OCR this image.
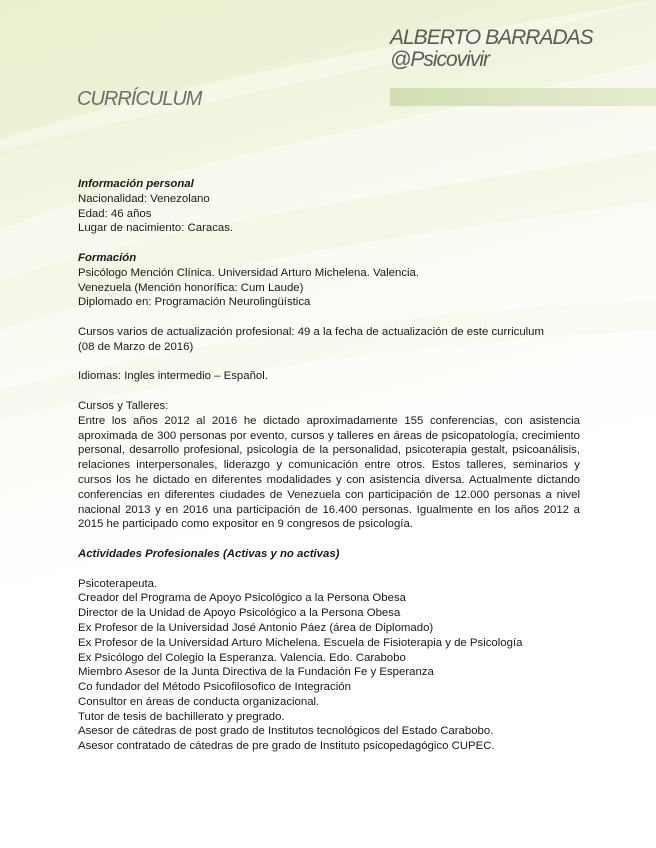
ALBERTO BARRADAS
@Psicovivir
CURRÍCULUM

Información personal

Nacionalidad: Venezolano

Edad: 46 años

Lugar de nacimiento: Caracas.

Formación

Psicólogo Mención Clínica. Universidad Arturo Michelena. Valencia.

Venezuela (Mención honorífica: Cum Laude)

Diplomado en: Programación Neurolingüística

Cursos varios de actualización profesional: 49 a la fecha de actualización de este curriculum

(08 de Marzo de 2016)

Idiomas: Ingles intermedio – Español.

Cursos y Talleres:

Entre los años 2012 al 2016 he dictado aproximadamente 155 conferencias, con asistencia aproximada de 300 personas por evento, cursos y talleres en áreas de psicopatología, crecimiento personal, desarrollo profesional, psicología de la personalidad, psicoterapia gestalt, psicoanálisis, relaciones interpersonales, liderazgo y comunicación entre otros. Estos talleres, seminarios y cursos los he dictado en diferentes modalidades y con asistencia diversa. Actualmente dictando conferencias en diferentes ciudades de Venezuela con participación de 12.000 personas a nivel nacional 2013 y en 2016 una participación de 16.400 personas. Igualmente en los años 2012 a 2015 he participado como expositor en 9 congresos de psicología.

Actividades Profesionales (Activas y no activas)

Psicoterapeuta.
Creador del Programa de Apoyo Psicológico a la Persona Obesa
Director de la Unidad de Apoyo Psicológico a la Persona Obesa
Ex Profesor de la Universidad José Antonio Páez (área de Diplomado)
Ex Profesor de la Universidad Arturo Michelena. Escuela de Fisioterapia y de Psicología
Ex Psicólogo del Colegio la Esperanza. Valencia. Edo. Carabobo
Miembro Asesor de la Junta Directiva de la Fundación Fe y Esperanza
Co fundador del Método Psicofilosofico de Integración
Consultor en áreas de conducta organizacional.
Tutor de tesis de bachillerato y pregrado.
Asesor de cátedras de post grado de Institutos tecnológicos del Estado Carabobo.
Asesor contratado de cátedras de pre grado de Instituto psicopedagógico CUPEC.
